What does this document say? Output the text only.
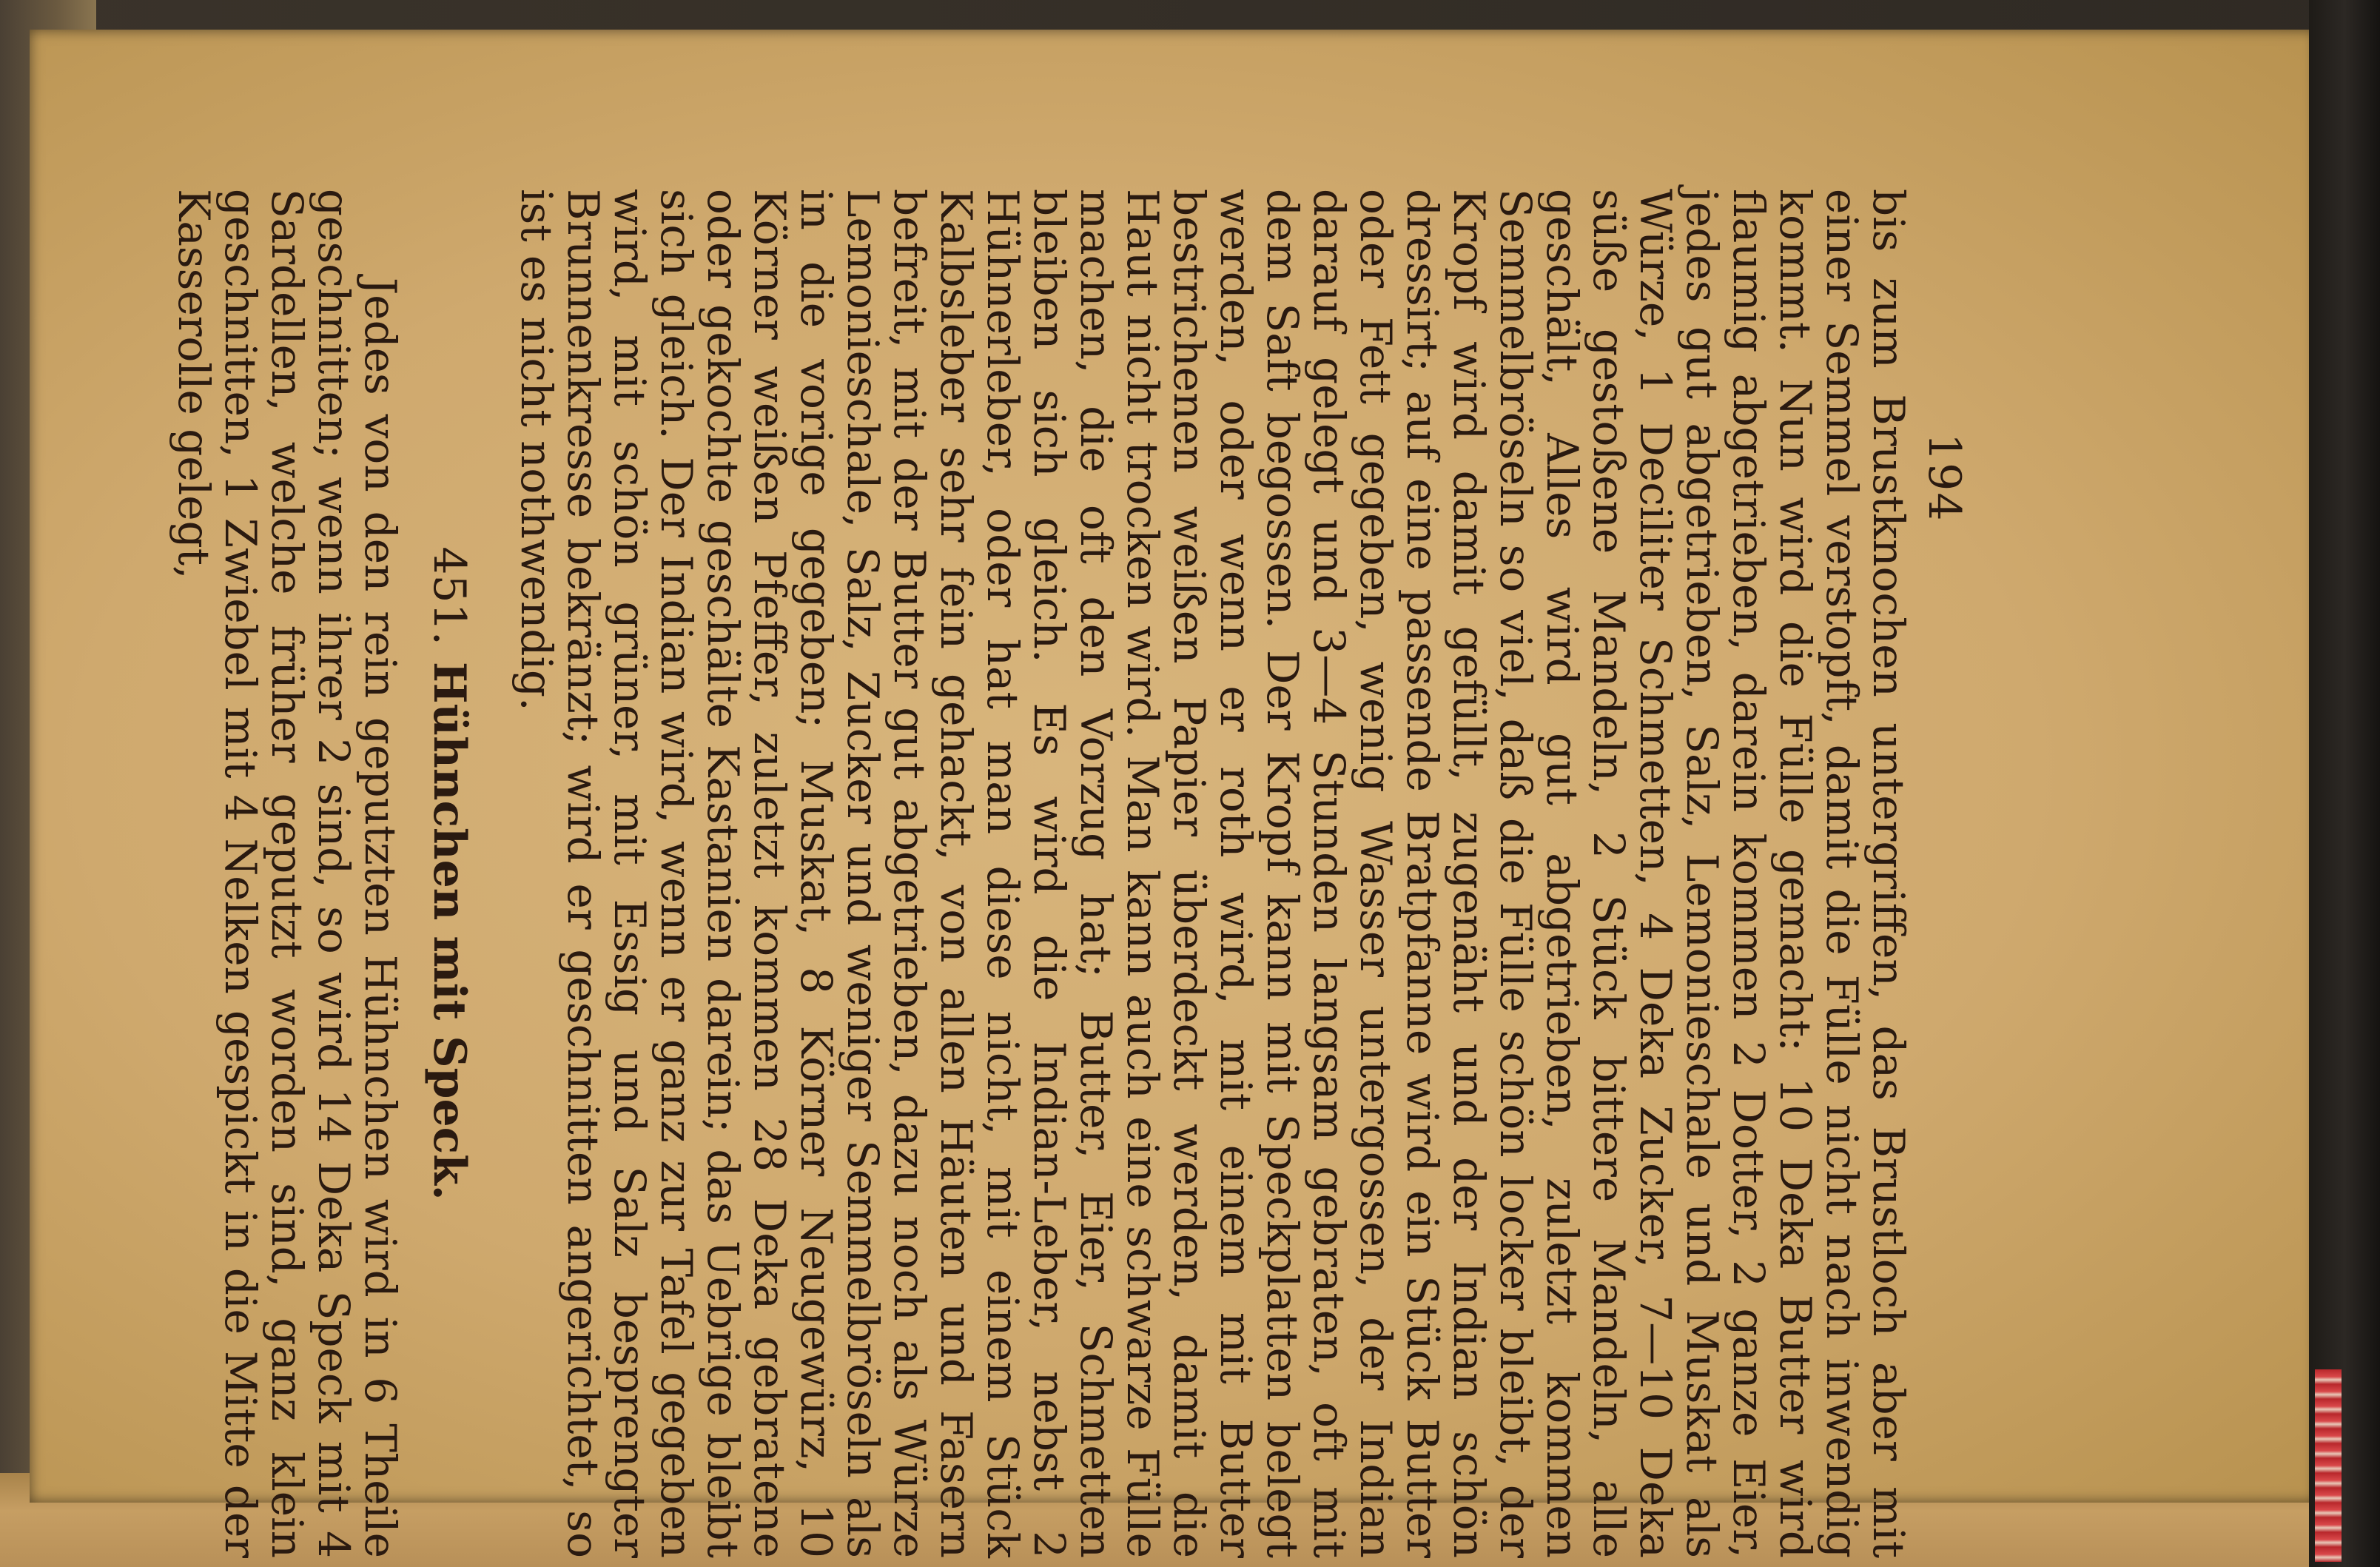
194

bis zum Brustknochen untergriffen, das Brustloch aber mit einer Semmel verstopft, damit die Fülle nicht nach inwendig kommt. Nun wird die Fülle gemacht: 10 Deka Butter wird flaumig abgetrieben, darein kommen 2 Dotter, 2 ganze Eier, jedes gut abgetrieben, Salz, Lemonieschale und Muskat als Würze, 1 Deciliter Schmetten, 4 Deka Zucker, 7—10 Deka süße gestoßene Mandeln, 2 Stück bittere Mandeln, alle geschält, Alles wird gut abgetrieben, zuletzt kommen Semmelbröseln so viel, daß die Fülle schön locker bleibt, der Kropf wird damit gefüllt, zugenäht und der Indian schön dressirt; auf eine passende Bratpfanne wird ein Stück Butter oder Fett gegeben, wenig Wasser untergossen, der Indian darauf gelegt und 3—4 Stunden langsam gebraten, oft mit dem Saft begossen. Der Kropf kann mit Speckplatten belegt werden, oder wenn er roth wird, mit einem mit Butter bestrichenen weißen Papier überdeckt werden, damit die Haut nicht trocken wird. Man kann auch eine schwarze Fülle machen, die oft den Vorzug hat; Butter, Eier, Schmetten bleiben sich gleich. Es wird die Indian-Leber, nebst 2 Hühnerleber, oder hat man diese nicht, mit einem Stück Kalbsleber sehr fein gehackt, von allen Häuten und Fasern befreit, mit der Butter gut abgetrieben, dazu noch als Würze Lemonieschale, Salz, Zucker und weniger Semmelbröseln als in die vorige gegeben; Muskat, 8 Körner Neugewürz, 10 Körner weißen Pfeffer, zuletzt kommen 28 Deka gebratene oder gekochte geschälte Kastanien darein; das Uebrige bleibt sich gleich. Der Indian wird, wenn er ganz zur Tafel gegeben wird, mit schön grüner, mit Essig und Salz besprengter Brunnenkresse bekränzt; wird er geschnitten angerichtet, so ist es nicht nothwendig.

451.Hühnchen mit Speck.

Jedes von den rein geputzten Hühnchen wird in 6 Theile geschnitten; wenn ihrer 2 sind, so wird 14 Deka Speck mit 4 Sardellen, welche früher geputzt worden sind, ganz klein geschnitten, 1 Zwiebel mit 4 Nelken gespickt in die Mitte der Kasserolle gelegt,
